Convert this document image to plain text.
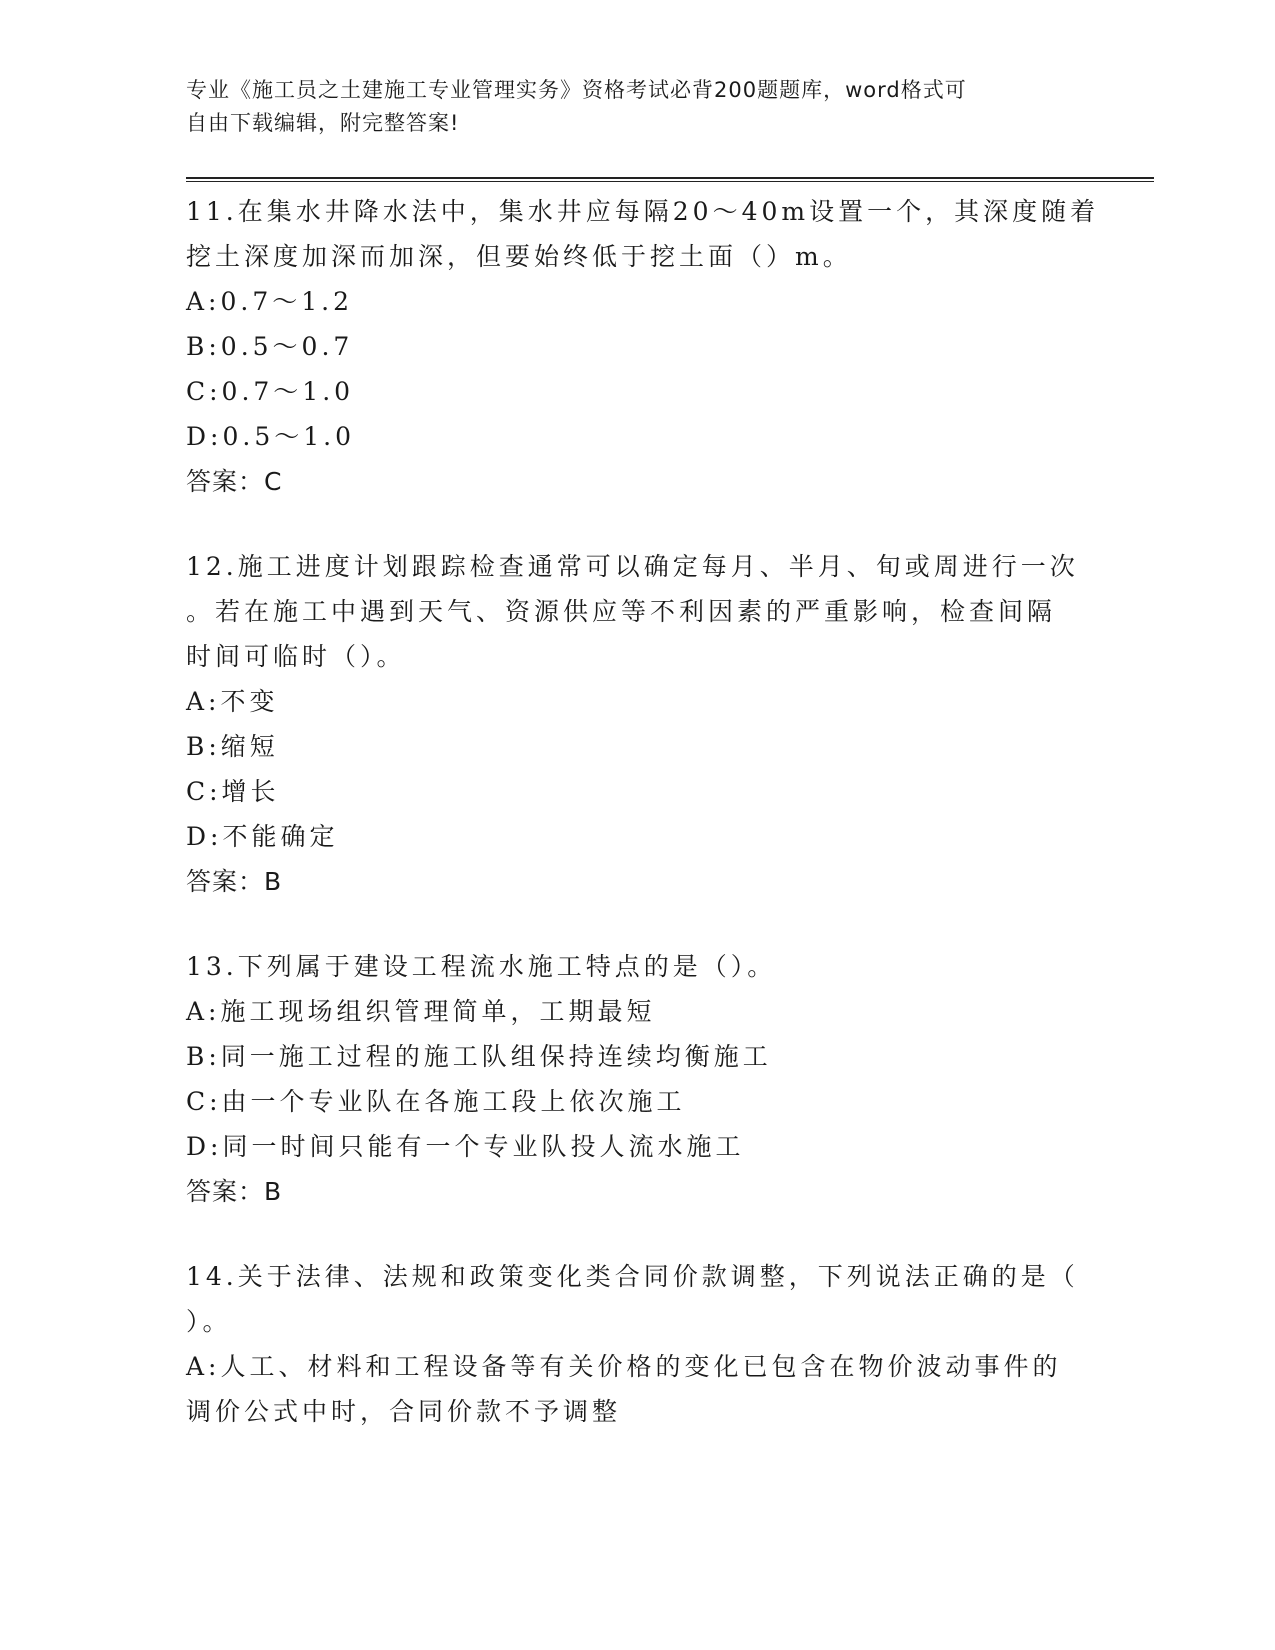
专业《施工员之土建施工专业管理实务》资格考试必背200题题库，word格式可

自由下载编辑，附完整答案!

11.在集水井降水法中，集水井应每隔20～40m设置一个，其深度随着
挖土深度加深而加深，但要始终低于挖土面（）m。
A:0.7～1.2
B:0.5～0.7
C:0.7～1.0
D:0.5～1.0
答案：C
12.施工进度计划跟踪检查通常可以确定每月、半月、旬或周进行一次
。若在施工中遇到天气、资源供应等不利因素的严重影响，检查间隔
时间可临时（）。
A:不变
B:缩短
C:增长
D:不能确定
答案：B
13.下列属于建设工程流水施工特点的是（）。
A:施工现场组织管理简单，工期最短
B:同一施工过程的施工队组保持连续均衡施工
C:由一个专业队在各施工段上依次施工
D:同一时间只能有一个专业队投人流水施工
答案：B
14.关于法律、法规和政策变化类合同价款调整，下列说法正确的是（
）。
A:人工、材料和工程设备等有关价格的变化已包含在物价波动事件的
调价公式中时，合同价款不予调整
